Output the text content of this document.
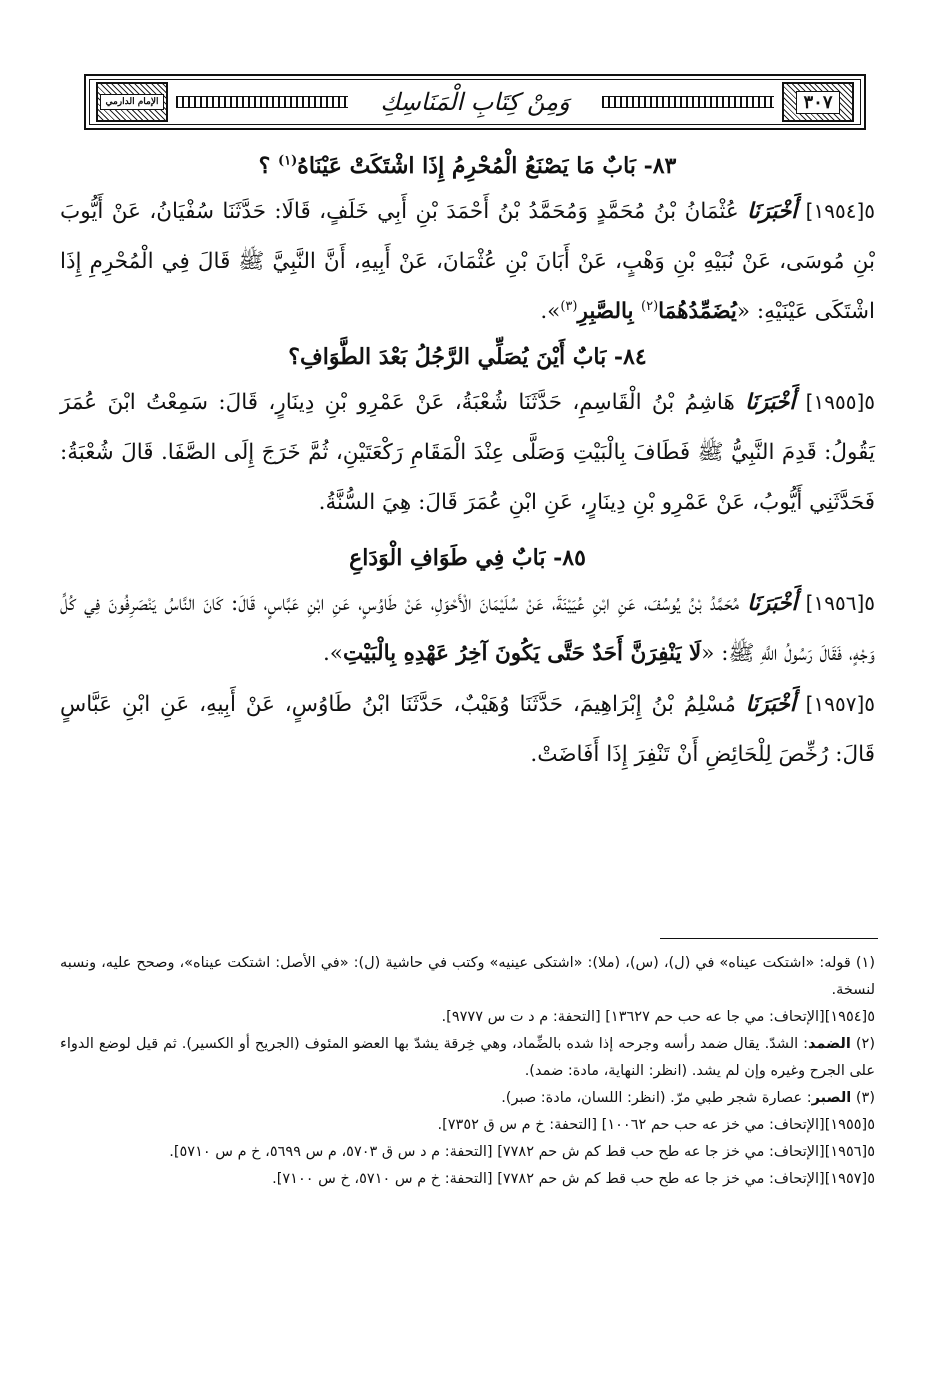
الإمام الدارمي	وَمِنْ كِتَابِ الْمَنَاسِكِ	٣٠٧

٨٣- بَابٌ مَا يَصْنَعُ الْمُحْرِمُ إِذَا اشْتَكَتْ عَيْنَاهُ$^{(١)}$ ؟

٥[١٩٥٤] أَخْبَرَنَا عُثْمَانُ بْنُ مُحَمَّدٍ وَمُحَمَّدُ بْنُ أَحْمَدَ بْنِ أَبِي خَلَفٍ، قَالَا: حَدَّثَنَا سُفْيَانُ، عَنْ أَيُّوبَ بْنِ مُوسَى، عَنْ نُبَيْهِ بْنِ وَهْبٍ، عَنْ أَبَانَ بْنِ عُثْمَانَ، عَنْ أَبِيهِ، أَنَّ النَّبِيَّ ﷺ قَالَ فِي الْمُحْرِمِ إِذَا اشْتَكَى عَيْنَيْهِ: «يُضَمِّدُهُمَا$^{(٢)}$ بِالصَّبِرِ$^{(٣)}$».

٨٤- بَابٌ أَيْنَ يُصَلِّي الرَّجُلُ بَعْدَ الطَّوَافِ؟

٥[١٩٥٥] أَخْبَرَنَا هَاشِمُ بْنُ الْقَاسِمِ، حَدَّثَنَا شُعْبَةُ، عَنْ عَمْرِو بْنِ دِينَارٍ، قَالَ: سَمِعْتُ ابْنَ عُمَرَ يَقُولُ: قَدِمَ النَّبِيُّ ﷺ فَطَافَ بِالْبَيْتِ وَصَلَّى عِنْدَ الْمَقَامِ رَكْعَتَيْنِ، ثُمَّ خَرَجَ إِلَى الصَّفَا. قَالَ شُعْبَةُ: فَحَدَّثَنِي أَيُّوبُ، عَنْ عَمْرِو بْنِ دِينَارٍ، عَنِ ابْنِ عُمَرَ قَالَ: هِيَ السُّنَّةُ.

٨٥- بَابٌ فِي طَوَافِ الْوَدَاعِ

٥[١٩٥٦] أَخْبَرَنَا مُحَمَّدُ بْنُ يُوسُفَ، عَنِ ابْنِ عُيَيْنَةَ، عَنْ سُلَيْمَانَ الْأَحْوَلِ، عَنْ طَاوُسٍ، عَنِ ابْنِ عَبَّاسٍ، قَالَ: كَانَ النَّاسُ يَنْصَرِفُونَ فِي كُلِّ وَجْهٍ، فَقَالَ رَسُولُ اللَّهِ ﷺ: «لَا يَنْفِرَنَّ أَحَدٌ حَتَّى يَكُونَ آخِرُ عَهْدِهِ بِالْبَيْتِ».

٥[١٩٥٧] أَخْبَرَنَا مُسْلِمُ بْنُ إِبْرَاهِيمَ، حَدَّثَنَا وُهَيْبٌ، حَدَّثَنَا ابْنُ طَاوُسٍ، عَنْ أَبِيهِ، عَنِ ابْنِ عَبَّاسٍ قَالَ: رُخِّصَ لِلْحَائِضِ أَنْ تَنْفِرَ إِذَا أَفَاضَتْ.

(١) قوله: «اشتكت عيناه» في (ل)، (س)، (ملا): «اشتكى عينيه» وكتب في حاشية (ل): «في الأصل: اشتكت عيناه»، وصحح عليه، ونسبه لنسخة.

٥[١٩٥٤][الإتحاف: مي جا عه حب حم ١٣٦٢٧] [التحفة: م د ت س ٩٧٧٧].

(٢) الضمد: الشدّ. يقال ضمد رأسه وجرحه إذا شده بالضِّماد، وهي خِرقة يشدّ بها العضو المئوف (الجريح أو الكسير). ثم قيل لوضع الدواء على الجرح وغيره وإن لم يشد. (انظر: النهاية، مادة: ضمد).

(٣) الصبر: عصارة شجر طبي مرّ. (انظر: اللسان، مادة: صبر).

٥[١٩٥٥][الإتحاف: مي خز عه حب حم ١٠٠٦٢] [التحفة: خ م س ق ٧٣٥٢].

٥[١٩٥٦][الإتحاف: مي خز جا عه طح حب قط كم ش حم ٧٧٨٢] [التحفة: م د س ق ٥٧٠٣، م س ٥٦٩٩، خ م س ٥٧١٠].

٥[١٩٥٧][الإتحاف: مي خز جا عه طح حب قط كم ش حم ٧٧٨٢] [التحفة: خ م س ٥٧١٠، خ س ٧١٠٠].
